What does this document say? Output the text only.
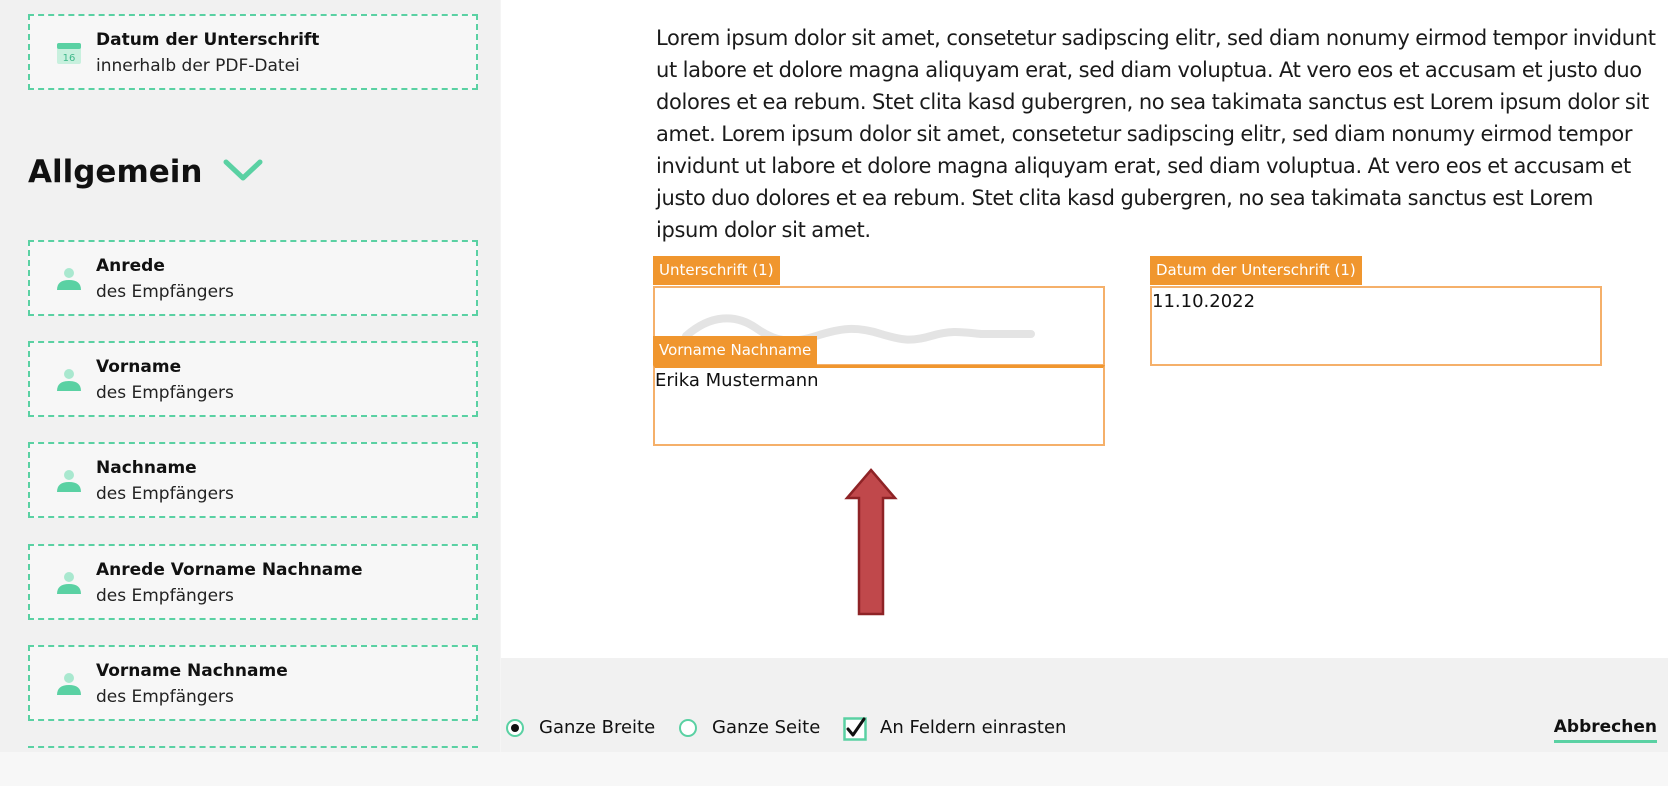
16
Datum der Unterschrift
innerhalb der PDF-Datei
Allgemein
Anrede
des Empfängers
Vorname
des Empfängers
Nachname
des Empfängers
Anrede Vorname Nachname
des Empfängers
Vorname Nachname
des Empfängers
Lorem ipsum dolor sit amet, consetetur sadipscing elitr, sed diam nonumy eirmod tempor invidunt ut labore et dolore magna aliquyam erat, sed diam voluptua. At vero eos et accusam et justo duo dolores et ea rebum. Stet clita kasd gubergren, no sea takimata sanctus est Lorem ipsum dolor sit amet. Lorem ipsum dolor sit amet, consetetur sadipscing elitr, sed diam nonumy eirmod tempor invidunt ut labore et dolore magna aliquyam erat, sed diam voluptua. At vero eos et accusam et justo duo dolores et ea rebum. Stet clita kasd gubergren, no sea takimata sanctus est Lorem ipsum dolor sit amet.
Unterschrift (1)
Vorname Nachname
Erika Mustermann
Datum der Unterschrift (1)
11.10.2022
Ganze Breite	Ganze Seite	An Feldern einrasten	Abbrechen
